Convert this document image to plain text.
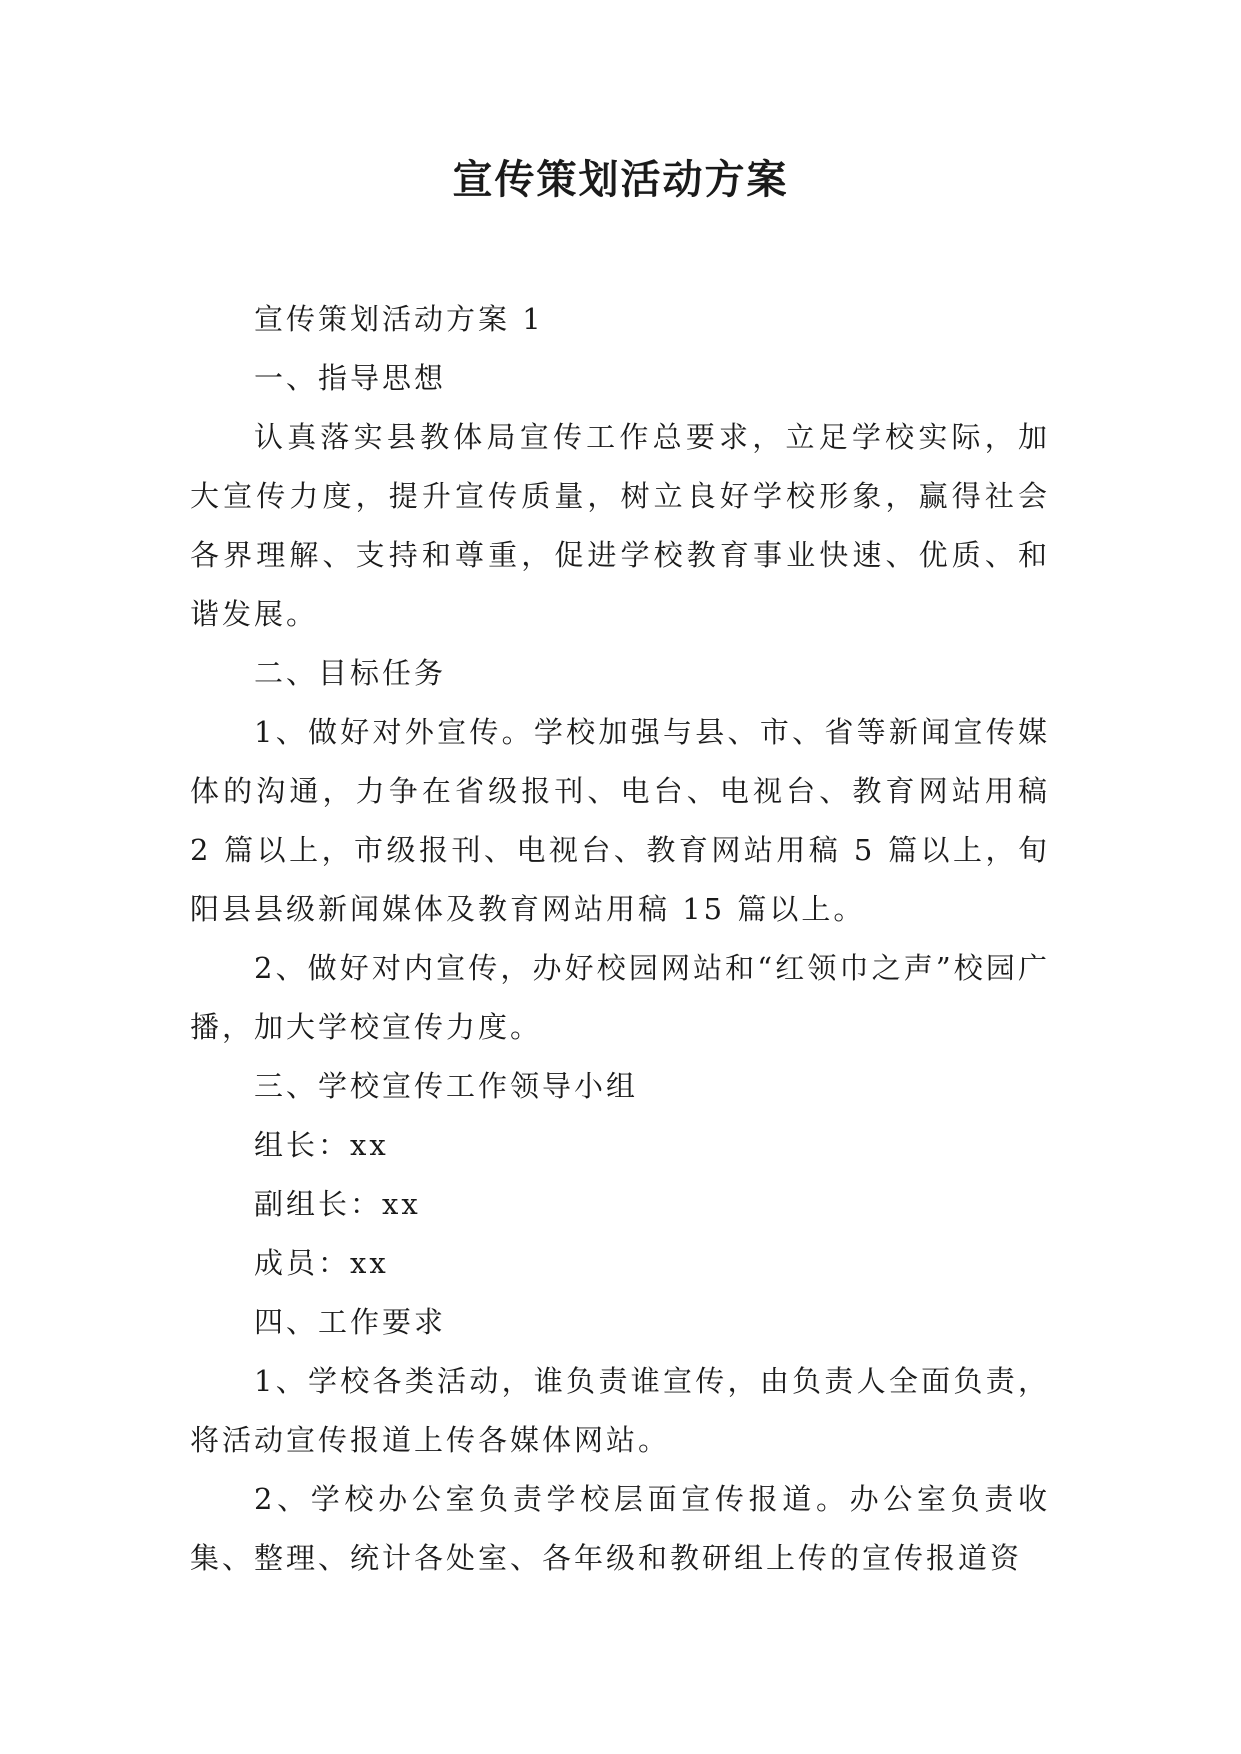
宣传策划活动方案

宣传策划活动方案 1

一、指导思想

认真落实县教体局宣传工作总要求，立足学校实际，加大宣传力度，提升宣传质量，树立良好学校形象，赢得社会各界理解、支持和尊重，促进学校教育事业快速、优质、和谐发展。

二、目标任务

1、做好对外宣传。学校加强与县、市、省等新闻宣传媒体的沟通，力争在省级报刊、电台、电视台、教育网站用稿 2 篇以上，市级报刊、电视台、教育网站用稿 5 篇以上，旬阳县县级新闻媒体及教育网站用稿 15 篇以上。

2、做好对内宣传，办好校园网站和“红领巾之声”校园广播，加大学校宣传力度。

三、学校宣传工作领导小组

组长：xx

副组长：xx

成员：xx

四、工作要求

1、学校各类活动，谁负责谁宣传，由负责人全面负责，将活动宣传报道上传各媒体网站。

2、学校办公室负责学校层面宣传报道。办公室负责收集、整理、统计各处室、各年级和教研组上传的宣传报道资
